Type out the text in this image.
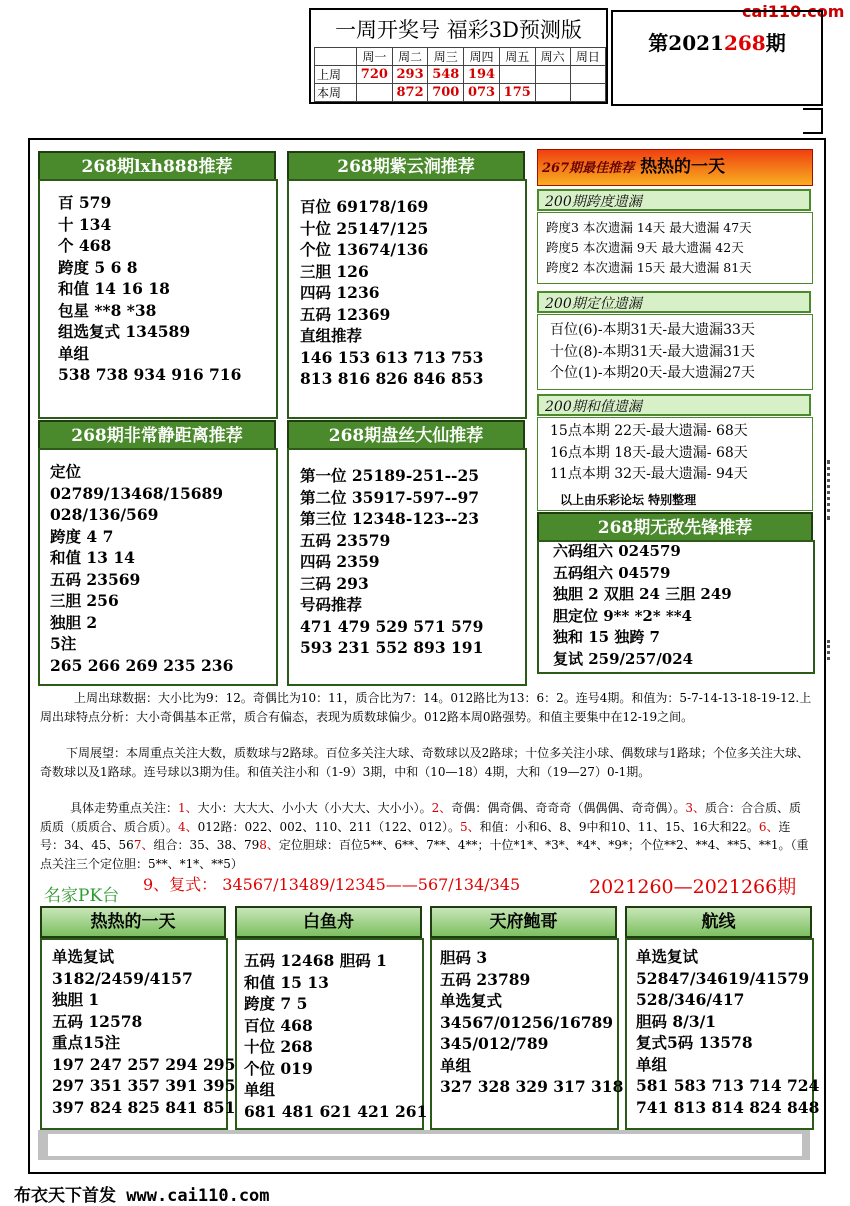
cai110.com
一周开奖号 福彩3D预测版
	周一	周二	周三	周四	周五	周六	周日
上周	720	293	548	194			
本周		872	700	073	175		
第2021268期
268期lxh888推荐
百 579
十 134
个 468
跨度 5 6 8
和值 14 16 18
包星 **8 *38
组选复式 134589
单组
538 738 934 916 716
268期紫云涧推荐
百位 69178/169
十位 25147/125
个位 13674/136
三胆 126
四码 1236
五码 12369
直组推荐
146 153 613 713 753
813 816 826 846 853
268期非常静距离推荐
定位
02789/13468/15689
028/136/569
跨度 4 7
和值 13 14
五码 23569
三胆 256
独胆 2
5注
265 266 269 235 236
268期盘丝大仙推荐
第一位 25189-251--25
第二位 35917-597--97
第三位 12348-123--23
五码 23579
四码 2359
三码 293
号码推荐
471 479 529 571 579
593 231 552 893 191
267期最佳推荐 热热的一天
200期跨度遗漏
跨度3 本次遗漏 14天 最大遗漏 47天
跨度5 本次遗漏 9天 最大遗漏 42天
跨度2 本次遗漏 15天 最大遗漏 81天
200期定位遗漏
百位(6)-本期31天-最大遗漏33天
十位(8)-本期31天-最大遗漏31天
个位(1)-本期20天-最大遗漏27天
200期和值遗漏
15点本期 22天-最大遗漏- 68天
16点本期 18天-最大遗漏- 68天
11点本期 32天-最大遗漏- 94天
以上由乐彩论坛 特别整理
268期无敌先锋推荐
六码组六 024579
五码组六 04579
独胆 2 双胆 24 三胆 249
胆定位 9** *2* **4
独和 15 独跨 7
复试 259/257/024
上周出球数据：大小比为9：12。奇偶比为10：11，质合比为7：14。012路比为13：6：2。连号4期。和值为：5-7-14-13-18-19-12.上周出球特点分析：大小奇偶基本正常，质合有偏态，表现为质数球偏少。012路本周0路强势。和值主要集中在12-19之间。
下周展望：本周重点关注大数，质数球与2路球。百位多关注大球、奇数球以及2路球；十位多关注小球、偶数球与1路球；个位多关注大球、奇数球以及1路球。连号球以3期为佳。和值关注小和（1-9）3期，中和（10—18）4期，大和（19—27）0-1期。
具体走势重点关注：1、大小：大大大、小小大（小大大、大小小）。2、奇偶：偶奇偶、奇奇奇（偶偶偶、奇奇偶）。3、质合：合合质、质质质（质质合、质合质）。4、012路：022、002、110、211（122、012）。5、和值：小和6、8、9中和10、11、15、16大和22。6、连号：34、45、567、组合：35、38、798、定位胆球：百位5**、6**、7**、4**；十位*1*、*3*、*4*、*9*；个位**2、**4、**5、**1。（重点关注三个定位胆：5**、*1*、**5）
名家PK台
9、复式： 34567/13489/12345——567/134/345	2021260—2021266期
热热的一天
单选复试
3182/2459/4157
独胆 1
五码 12578
重点15注
197 247 257 294 295
297 351 357 391 395
397 824 825 841 851
白鱼舟
五码 12468 胆码 1
和值 15 13
跨度 7 5
百位 468
十位 268
个位 019
单组
681 481 621 421 261
天府鲍哥
胆码 3
五码 23789
单选复式
34567/01256/16789
345/012/789
单组
327 328 329 317 318
航线
单选复试
52847/34619/41579
528/346/417
胆码 8/3/1
复式5码 13578
单组
581 583 713 714 724
741 813 814 824 848
布衣天下首发 www.cai110.com
